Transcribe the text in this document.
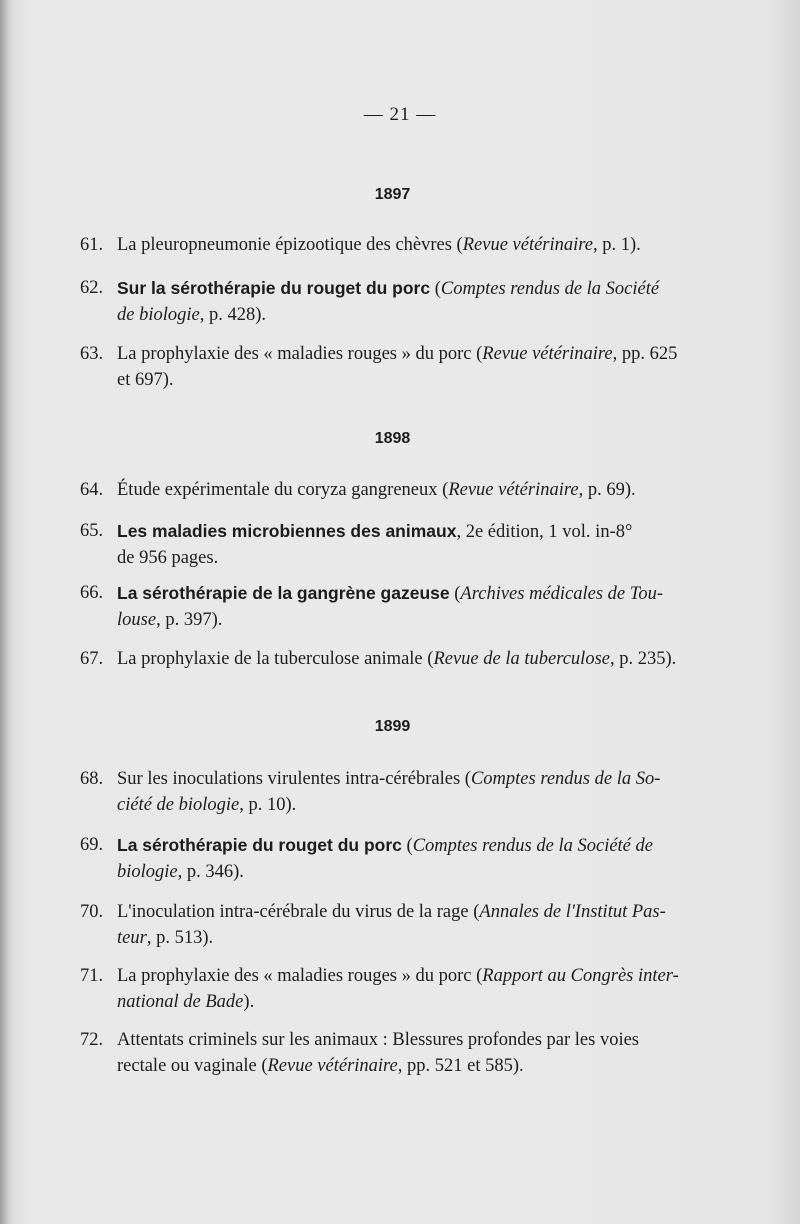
— 21 —
1897
61. La pleuropneumonie épizootique des chèvres (Revue vétérinaire, p. 1).
62. Sur la sérothérapie du rouget du porc (Comptes rendus de la Société
de biologie, p. 428).
63. La prophylaxie des « maladies rouges » du porc (Revue vétérinaire, pp. 625
et 697).
1898
64. Étude expérimentale du coryza gangreneux (Revue vétérinaire, p. 69).
65. Les maladies microbiennes des animaux, 2e édition, 1 vol. in-8°
de 956 pages.
66. La sérothérapie de la gangrène gazeuse (Archives médicales de Tou-
louse, p. 397).
67. La prophylaxie de la tuberculose animale (Revue de la tuberculose, p. 235).
1899
68. Sur les inoculations virulentes intra-cérébrales (Comptes rendus de la So-
ciété de biologie, p. 10).
69. La sérothérapie du rouget du porc (Comptes rendus de la Société de
biologie, p. 346).
70. L'inoculation intra-cérébrale du virus de la rage (Annales de l'Institut Pas-
teur, p. 513).
71. La prophylaxie des « maladies rouges » du porc (Rapport au Congrès inter-
national de Bade).
72. Attentats criminels sur les animaux : Blessures profondes par les voies
rectale ou vaginale (Revue vétérinaire, pp. 521 et 585).
